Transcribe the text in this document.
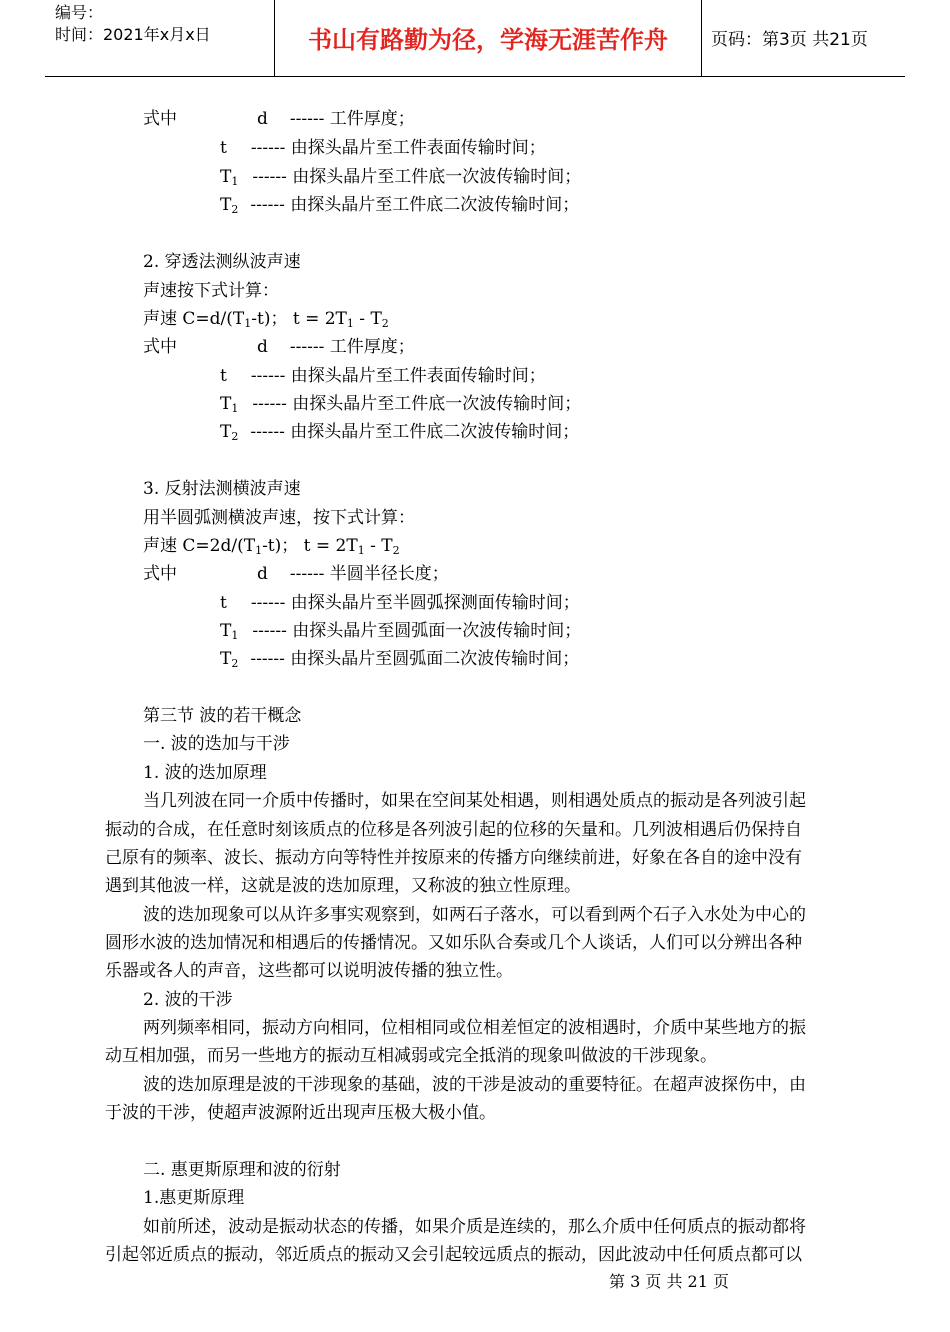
编号：
时间：2021年x月x日	书山有路勤为径，学海无涯苦作舟	页码：第3页 共21页
式中	d ------ 工件厚度；
t ------ 由探头晶片至工件表面传输时间；
$T_1$ ------ 由探头晶片至工件底一次波传输时间；
$T_2$ ------ 由探头晶片至工件底二次波传输时间；
2. 穿透法测纵波声速
声速按下式计算：
声速 $C=d/(T_1-t)$； $t = 2T_1 - T_2$
式中	d ------ 工件厚度；
t ------ 由探头晶片至工件表面传输时间；
$T_1$ ------ 由探头晶片至工件底一次波传输时间；
$T_2$ ------ 由探头晶片至工件底二次波传输时间；
3. 反射法测横波声速
用半圆弧测横波声速，按下式计算：
声速 $C=2d/(T_1-t)$； $t = 2T_1 - T_2$
式中	d ------ 半圆半径长度；
t ------ 由探头晶片至半圆弧探测面传输时间；
$T_1$ ------ 由探头晶片至圆弧面一次波传输时间；
$T_2$ ------ 由探头晶片至圆弧面二次波传输时间；
第三节 波的若干概念
一. 波的迭加与干涉
1. 波的迭加原理
当几列波在同一介质中传播时，如果在空间某处相遇，则相遇处质点的振动是各列波引起
振动的合成，在任意时刻该质点的位移是各列波引起的位移的矢量和。几列波相遇后仍保持自
己原有的频率、波长、振动方向等特性并按原来的传播方向继续前进，好象在各自的途中没有
遇到其他波一样，这就是波的迭加原理，又称波的独立性原理。
波的迭加现象可以从许多事实观察到，如两石子落水，可以看到两个石子入水处为中心的
圆形水波的迭加情况和相遇后的传播情况。又如乐队合奏或几个人谈话，人们可以分辨出各种
乐器或各人的声音，这些都可以说明波传播的独立性。
2. 波的干涉
两列频率相同，振动方向相同，位相相同或位相差恒定的波相遇时，介质中某些地方的振
动互相加强，而另一些地方的振动互相减弱或完全抵消的现象叫做波的干涉现象。
波的迭加原理是波的干涉现象的基础，波的干涉是波动的重要特征。在超声波探伤中，由
于波的干涉，使超声波源附近出现声压极大极小值。
二. 惠更斯原理和波的衍射
1.惠更斯原理
如前所述，波动是振动状态的传播，如果介质是连续的，那么介质中任何质点的振动都将
引起邻近质点的振动，邻近质点的振动又会引起较远质点的振动，因此波动中任何质点都可以
第 3 页 共 21 页
